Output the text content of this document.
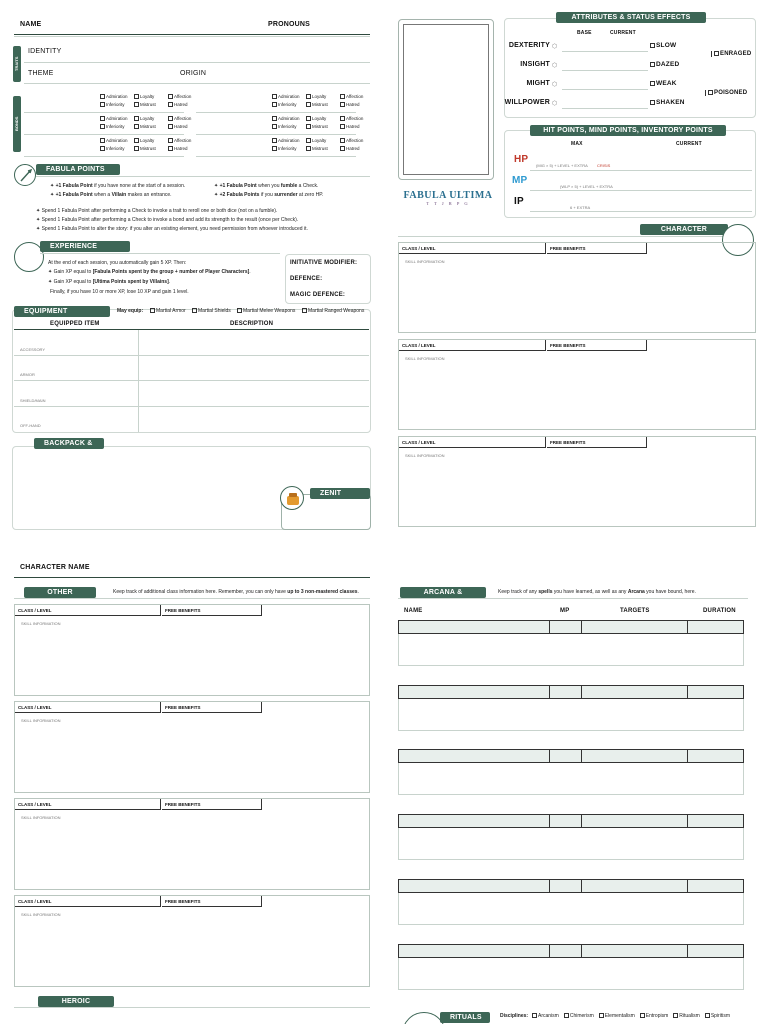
NAME	PRONOUNS
TRAITS
IDENTITY
THEME	ORIGIN
BONDS
Admiration
Inferiority
Loyalty
Mistrust
Affection
Hatred
Admiration
Inferiority
Loyalty
Mistrust
Affection
Hatred
Admiration
Inferiority
Loyalty
Mistrust
Affection
Hatred
Admiration
Inferiority
Loyalty
Mistrust
Affection
Hatred
Admiration
Inferiority
Loyalty
Mistrust
Affection
Hatred
Admiration
Inferiority
Loyalty
Mistrust
Affection
Hatred
FABULA POINTS
✦ +1 Fabula Point if you have none at the start of a session.
✦ +1 Fabula Point when a Villain makes an entrance.
✦ +1 Fabula Point when you fumble a Check.
✦ +2 Fabula Points if you surrender at zero HP.
✦ Spend 1 Fabula Point after performing a Check to invoke a trait to reroll one or both dice (not on a fumble).
✦ Spend 1 Fabula Point after performing a Check to invoke a bond and add its strength to the result (once per Check).
✦ Spend 1 Fabula Point to alter the story: if you alter an existing element, you need permission from whoever introduced it.
EXPERIENCE POINTS
At the end of each session, you automatically gain 5 XP. Then:
✦ Gain XP equal to [Fabula Points spent by the group + number of Player Characters].
✦ Gain XP equal to [Ultima Points spent by Villains].
Finally, if you have 10 or more XP, lose 10 XP and gain 1 level.
INITIATIVE MODIFIER:
DEFENCE:
MAGIC DEFENCE:
EQUIPMENT	May equip:	Martial Armor	Martial Shields	Martial Melee Weapons	Martial Ranged Weapons
EQUIPPED ITEM	DESCRIPTION
ACCESSORY
ARMOR
SHIELD/MAIN
OFF-HAND
BACKPACK & NOTES
ZENIT
FABULA ULTIMA
T T J R P G
ATTRIBUTES & STATUS EFFECTS
BASE	CURRENT
DEXTERITY ⬡	SLOW
INSIGHT ⬡	DAZED
MIGHT ⬡	WEAK
WILLPOWER ⬡	SHAKEN
ENRAGED
POISONED
HIT POINTS, MIND POINTS, INVENTORY POINTS
MAX	CURRENT
HP
(MIG × 5) + LEVEL + EXTRA CRISIS
MP
(WLP × 5) + LEVEL + EXTRA
IP
6 + EXTRA
CHARACTER LEVEL
CLASS / LEVEL	FREE BENEFITS
SKILL INFORMATION
CLASS / LEVEL	FREE BENEFITS
SKILL INFORMATION
CLASS / LEVEL	FREE BENEFITS
SKILL INFORMATION
CHARACTER NAME
OTHER CLASSES
Keep track of additional class information here. Remember, you can only have up to 3 non-mastered classes.
CLASS / LEVEL	FREE BENEFITS
SKILL INFORMATION
CLASS / LEVEL	FREE BENEFITS
SKILL INFORMATION
CLASS / LEVEL	FREE BENEFITS
SKILL INFORMATION
CLASS / LEVEL	FREE BENEFITS
SKILL INFORMATION
ARCANA & SPELLS
Keep track of any spells you have learned, as well as any Arcana you have bound, here.
NAME	MP	TARGETS	DURATION
HEROIC SKILLS
RITUALS	Disciplines:	Arcanism Chimerism Elementalism Entropism Ritualism Spiritism
